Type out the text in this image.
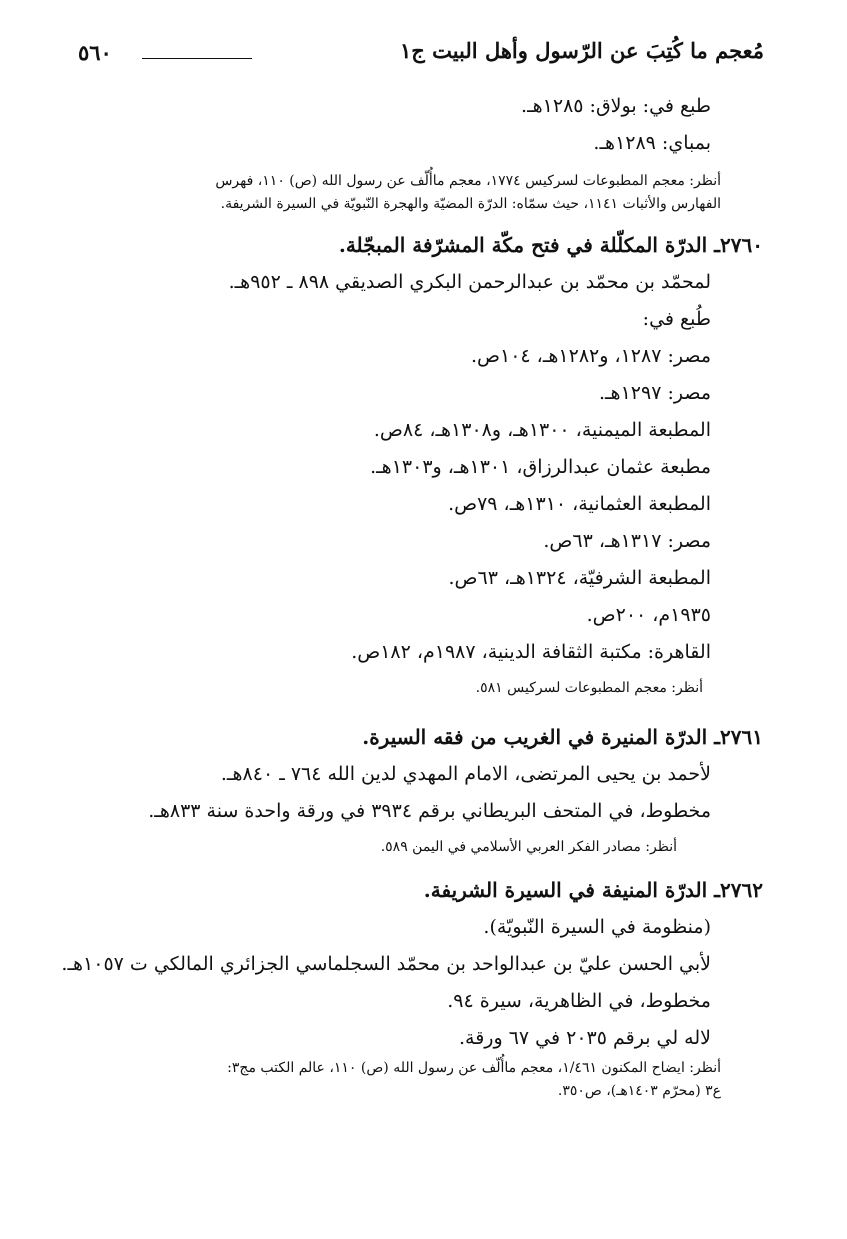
٥٦٠	مُعجم ما كُتِبَ عن الرّسول وأهل البيت ج١
طبع في: بولاق: ١٢٨٥هـ.
بمباي: ١٢٨٩هـ.
أنظر: معجم المطبوعات لسركيس ١٧٧٤، معجم ماأُلّف عن رسول الله (ص) ١١٠، فهرس
الفهارس والأثبات ١١٤١، حيث سمّاه: الدرّة المضيّة والهجرة النّبويّة في السيرة الشريفة.
٢٧٦٠ـ الدرّة المكلّلة في فتح مكّة المشرّفة المبجّلة.
لمحمّد بن محمّد بن عبدالرحمن البكري الصديقي ٨٩٨ ـ ٩٥٢هـ.
طُبع في:
مصر: ١٢٨٧، و١٢٨٢هـ، ١٠٤ص.
مصر: ١٢٩٧هـ.
المطبعة الميمنية، ١٣٠٠هـ، و١٣٠٨هـ، ٨٤ص.
مطبعة عثمان عبدالرزاق، ١٣٠١هـ، و١٣٠٣هـ.
المطبعة العثمانية، ١٣١٠هـ، ٧٩ص.
مصر: ١٣١٧هـ، ٦٣ص.
المطبعة الشرفيّة، ١٣٢٤هـ، ٦٣ص.
١٩٣٥م، ٢٠٠ص.
القاهرة: مكتبة الثقافة الدينية، ١٩٨٧م، ١٨٢ص.
أنظر: معجم المطبوعات لسركيس ٥٨١.
٢٧٦١ـ الدرّة المنيرة في الغريب من فقه السيرة.
لأحمد بن يحيى المرتضى، الامام المهدي لدين الله ٧٦٤ ـ ٨٤٠هـ.
مخطوط، في المتحف البريطاني برقم ٣٩٣٤ في ورقة واحدة سنة ٨٣٣هـ.
أنظر: مصادر الفكر العربي الأسلامي في اليمن ٥٨٩.
٢٧٦٢ـ الدرّة المنيفة في السيرة الشريفة.
(منظومة في السيرة النّبويّة).
لأبي الحسن عليّ بن عبدالواحد بن محمّد السجلماسي الجزائري المالكي ت ١٠٥٧هـ.
مخطوط، في الظاهرية، سيرة ٩٤.
لاله لي برقم ٢٠٣٥ في ٦٧ ورقة.
أنظر: ايضاح المكنون ١/٤٦١، معجم ماأُلّف عن رسول الله (ص) ١١٠، عالم الكتب مج٣:
ع٣ (محرّم ١٤٠٣هـ)، ص٣٥٠.
